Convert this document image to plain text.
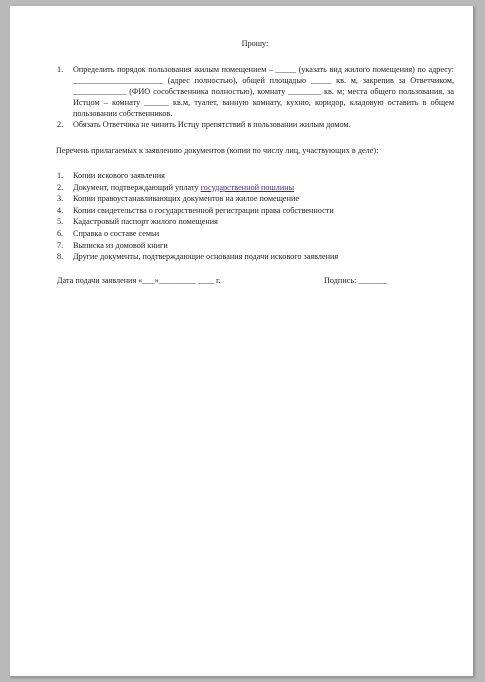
Прошу:
1. Определить порядок пользования жилым помещением – _____ (указать вид жилого помещения) по адресу: ______________________ (адрес полностью), общей площадью _____ кв. м, закрепив за Ответчиком, _____________ (ФИО сособственника полностью), комнату ________ кв. м; места общего пользования, за Истцом – комнату ______ кв.м, туалет, ванную комнату, кухню, коридор, кладовую оставить в общем пользовании собственников.
2. Обязать Ответчика не чинить Истцу препятствий в пользовании жилым домом.
Перечень прилагаемых к заявлению документов (копии по числу лиц, участвующих в деле):
1. Копии искового заявления
2. Документ, подтверждающий уплату государственной пошлины
3. Копии правоустанавливающих документов на жилое помещение
4. Копии свидетельства о государственной регистрации права собственности
5. Кадастровый паспорт жилого помещения
6. Справка о составе семьи
7. Выписка из домовой книги
8. Другие документы, подтверждающие основания подачи искового заявления
Дата подачи заявления «___»_________ ____ г.	Подпись: _______
